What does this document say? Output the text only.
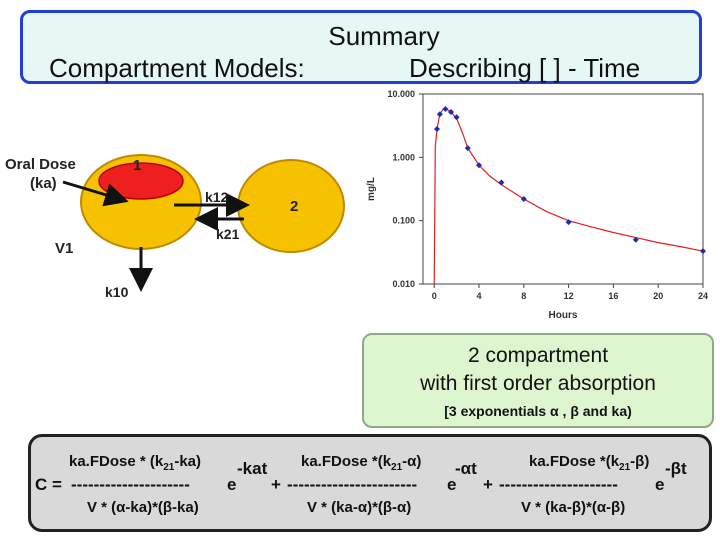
Summary
Compartment Models:	Describing [ ] - Time
Oral Dose
(ka)
1
2
V1
k12
k21
k10
10.000
1.000
0.100
0.010
0	4	8	12	16	20	24
Hours
mg/L
2 compartment
with first order absorption
[3 exponentials α , β and ka)
C =
ka.FDose * $(k_{21}-ka)$
--------------------- e
-kat
+
V * (α-ka)*(β-ka)
ka.FDose $*(k_{21}-\alpha)$
----------------------- e
-αt
+
V * (ka-α)*(β-α)
ka.FDose $*(k_{21}-\beta)$
--------------------- e
-βt
V * (ka-β)*(α-β)
